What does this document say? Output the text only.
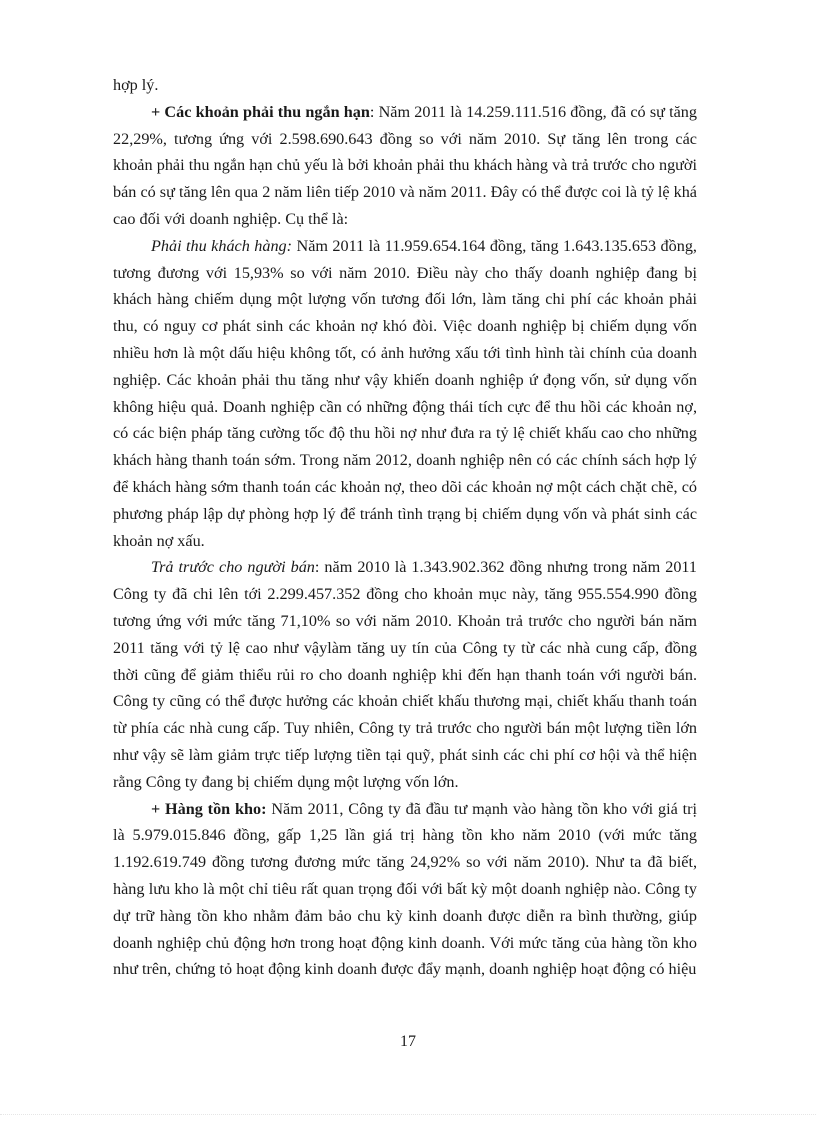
hợp lý.

+ Các khoản phải thu ngắn hạn: Năm 2011 là 14.259.111.516 đồng, đã có sự tăng 22,29%, tương ứng với 2.598.690.643 đồng so với năm 2010. Sự tăng lên trong các khoản phải thu ngắn hạn chủ yếu là bởi khoản phải thu khách hàng và trả trước cho người bán có sự tăng lên qua 2 năm liên tiếp 2010 và năm 2011. Đây có thể được coi là tỷ lệ khá cao đối với doanh nghiệp. Cụ thể là:

Phải thu khách hàng: Năm 2011 là 11.959.654.164 đồng, tăng 1.643.135.653 đồng, tương đương với 15,93% so với năm 2010. Điều này cho thấy doanh nghiệp đang bị khách hàng chiếm dụng một lượng vốn tương đối lớn, làm tăng chi phí các khoản phải thu, có nguy cơ phát sinh các khoản nợ khó đòi. Việc doanh nghiệp bị chiếm dụng vốn nhiều hơn là một dấu hiệu không tốt, có ảnh hưởng xấu tới tình hình tài chính của doanh nghiệp. Các khoản phải thu tăng như vậy khiến doanh nghiệp ứ đọng vốn, sử dụng vốn không hiệu quả. Doanh nghiệp cần có những động thái tích cực để thu hồi các khoản nợ, có các biện pháp tăng cường tốc độ thu hồi nợ như đưa ra tỷ lệ chiết khấu cao cho những khách hàng thanh toán sớm. Trong năm 2012, doanh nghiệp nên có các chính sách hợp lý để khách hàng sớm thanh toán các khoản nợ, theo dõi các khoản nợ một cách chặt chẽ, có phương pháp lập dự phòng hợp lý để tránh tình trạng bị chiếm dụng vốn và phát sinh các khoản nợ xấu.

Trả trước cho người bán: năm 2010 là 1.343.902.362 đồng nhưng trong năm 2011 Công ty đã chi lên tới 2.299.457.352 đồng cho khoản mục này, tăng 955.554.990 đồng tương ứng với mức tăng 71,10% so với năm 2010. Khoản trả trước cho người bán năm 2011 tăng với tỷ lệ cao như vậylàm tăng uy tín của Công ty từ các nhà cung cấp, đồng thời cũng để giảm thiểu rủi ro cho doanh nghiệp khi đến hạn thanh toán với người bán. Công ty cũng có thể được hưởng các khoản chiết khấu thương mại, chiết khấu thanh toán từ phía các nhà cung cấp. Tuy nhiên, Công ty trả trước cho người bán một lượng tiền lớn như vậy sẽ làm giảm trực tiếp lượng tiền tại quỹ, phát sinh các chi phí cơ hội và thể hiện rằng Công ty đang bị chiếm dụng một lượng vốn lớn.

+ Hàng tồn kho: Năm 2011, Công ty đã đầu tư mạnh vào hàng tồn kho với giá trị là 5.979.015.846 đồng, gấp 1,25 lần giá trị hàng tồn kho năm 2010 (với mức tăng 1.192.619.749 đồng tương đương mức tăng 24,92% so với năm 2010). Như ta đã biết, hàng lưu kho là một chỉ tiêu rất quan trọng đối với bất kỳ một doanh nghiệp nào. Công ty dự trữ hàng tồn kho nhằm đảm bảo chu kỳ kinh doanh được diễn ra bình thường, giúp doanh nghiệp chủ động hơn trong hoạt động kinh doanh. Với mức tăng của hàng tồn kho như trên, chứng tỏ hoạt động kinh doanh được đẩy mạnh, doanh nghiệp hoạt động có hiệu

17
